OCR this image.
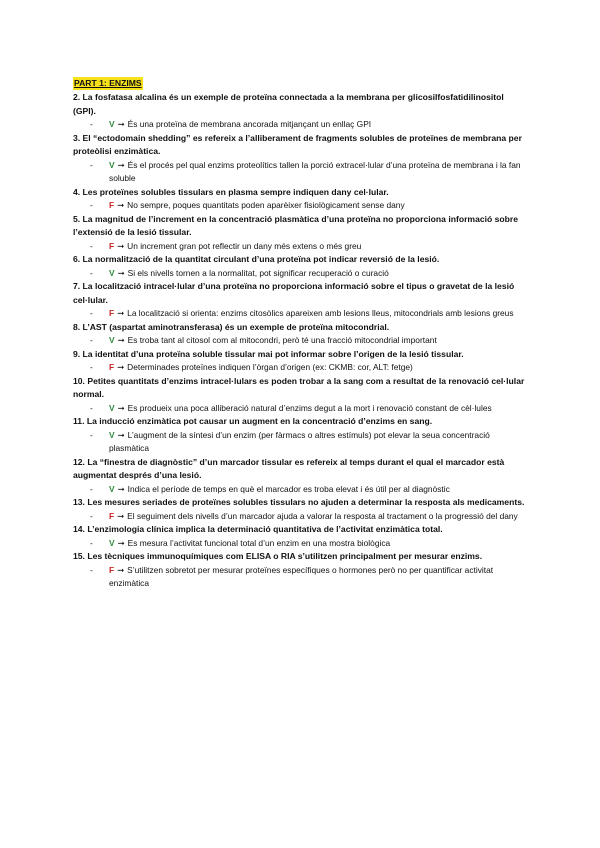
PART 1: ENZIMS

2. La fosfatasa alcalina és un exemple de proteïna connectada a la membrana per glicosilfosfatidilinositol (GPI).

-	V ➞ És una proteïna de membrana ancorada mitjançant un enllaç GPI

3. El “ectodomain shedding” es refereix a l’alliberament de fragments solubles de proteïnes de membrana per proteòlisi enzimàtica.

-	V ➞ És el procés pel qual enzims proteolítics tallen la porció extracel·lular d’una proteïna de membrana i la fan soluble

4. Les proteïnes solubles tissulars en plasma sempre indiquen dany cel·lular.

-	F ➞ No sempre, poques quantitats poden aparèixer fisiològicament sense dany

5. La magnitud de l’increment en la concentració plasmàtica d’una proteïna no proporciona informació sobre l’extensió de la lesió tissular.

-	F ➞ Un increment gran pot reflectir un dany més extens o més greu

6. La normalització de la quantitat circulant d’una proteïna pot indicar reversió de la lesió.

-	V ➞ Si els nivells tornen a la normalitat, pot significar recuperació o curació

7. La localització intracel·lular d’una proteïna no proporciona informació sobre el tipus o gravetat de la lesió cel·lular.

-	F ➞ La localització si orienta: enzims citosòlics apareixen amb lesions lleus, mitocondrials amb lesions greus

8. L’AST (aspartat aminotransferasa) és un exemple de proteïna mitocondrial.

-	V ➞ Es troba tant al citosol com al mitocondri, però té una fracció mitocondrial important

9. La identitat d’una proteïna soluble tissular mai pot informar sobre l’origen de la lesió tissular.

-	F ➞ Determinades proteïnes indiquen l’òrgan d’origen (ex: CKMB: cor, ALT: fetge)

10. Petites quantitats d’enzims intracel·lulars es poden trobar a la sang com a resultat de la renovació cel·lular normal.

-	V ➞ Es produeix una poca alliberació natural d’enzims degut a la mort i renovació constant de cèl·lules

11. La inducció enzimàtica pot causar un augment en la concentració d’enzims en sang.

-	V ➞ L’augment de la síntesi d’un enzim (per fàrmacs o altres estímuls) pot elevar la seua concentració plasmàtica

12. La “finestra de diagnòstic” d’un marcador tissular es refereix al temps durant el qual el marcador està augmentat després d’una lesió.

-	V ➞ Indica el període de temps en què el marcador es troba elevat i és útil per al diagnòstic

13. Les mesures seriades de proteïnes solubles tissulars no ajuden a determinar la resposta als medicaments.

-	F ➞ El seguiment dels nivells d’un marcador ajuda a valorar la resposta al tractament o la progressió del dany

14. L’enzimologia clínica implica la determinació quantitativa de l’activitat enzimàtica total.

-	V ➞ Es mesura l’activitat funcional total d’un enzim en una mostra biològica

15. Les tècniques immunoquímiques com ELISA o RIA s’utilitzen principalment per mesurar enzims.

-	F ➞ S’utilitzen sobretot per mesurar proteïnes específiques o hormones però no per quantificar activitat enzimàtica
